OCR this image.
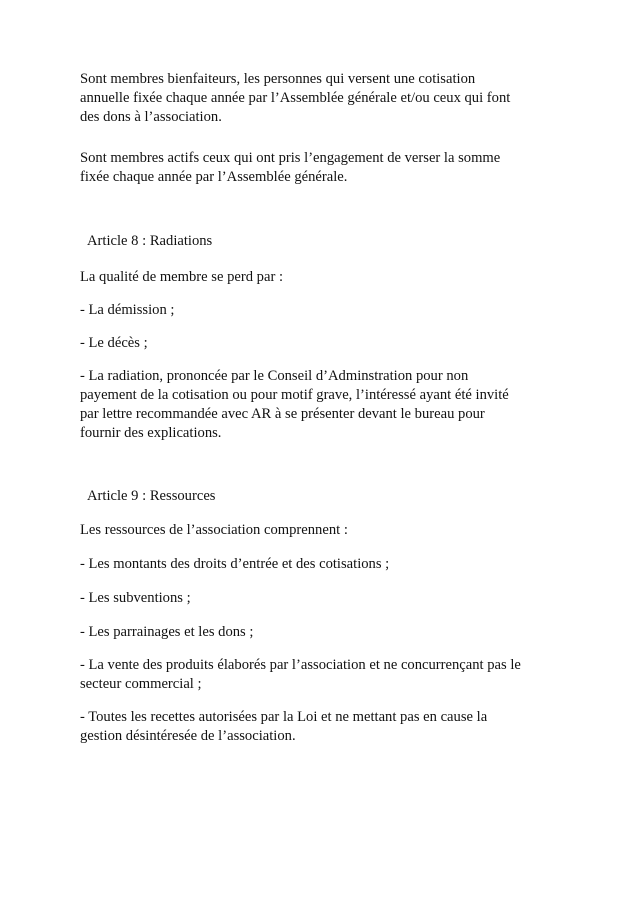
Sont membres bienfaiteurs, les personnes qui versent une cotisation
annuelle fixée chaque année par l’Assemblée générale et/ou ceux qui font
des dons à l’association.
Sont membres actifs ceux qui ont pris l’engagement de verser la somme
fixée chaque année par l’Assemblée générale.
Article 8 : Radiations
La qualité de membre se perd par :
- La démission ;
- Le décès ;
- La radiation, prononcée par le Conseil d’Adminstration pour non
payement de la cotisation ou pour motif grave, l’intéressé ayant été invité
par lettre recommandée avec AR à se présenter devant le bureau pour
fournir des explications.
Article 9 : Ressources
Les ressources de l’association comprennent :
- Les montants des droits d’entrée et des cotisations ;
- Les subventions ;
- Les parrainages et les dons ;
- La vente des produits élaborés par l’association et ne concurrençant pas le
secteur commercial ;
- Toutes les recettes autorisées par la Loi et ne mettant pas en cause la
gestion désintéresée de l’association.
